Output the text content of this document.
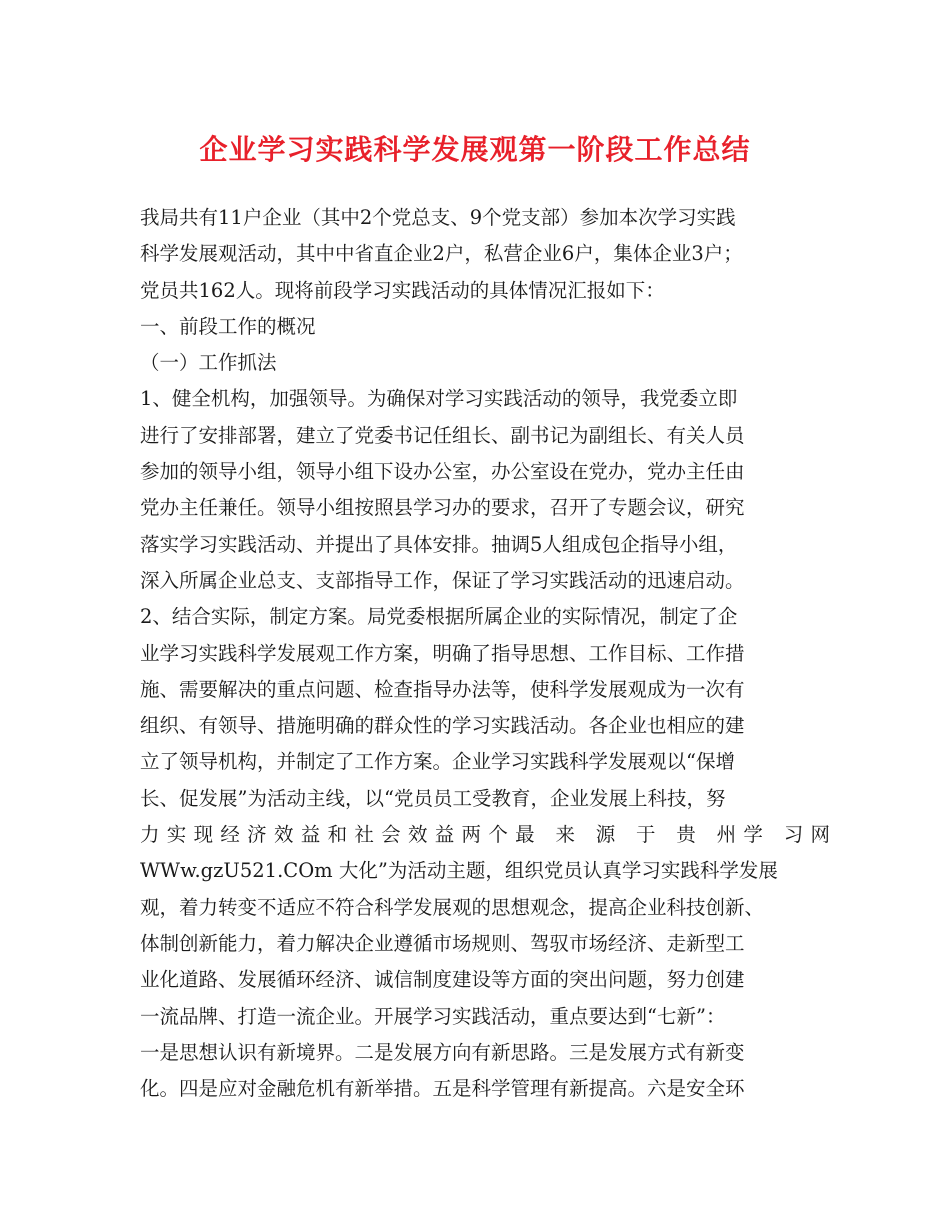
企业学习实践科学发展观第一阶段工作总结
我局共有11户企业（其中2个党总支、9个党支部）参加本次学习实践
科学发展观活动，其中中省直企业2户，私营企业6户，集体企业3户；
党员共162人。现将前段学习实践活动的具体情况汇报如下：
一、前段工作的概况
（一）工作抓法
1、健全机构，加强领导。为确保对学习实践活动的领导，我党委立即
进行了安排部署，建立了党委书记任组长、副书记为副组长、有关人员
参加的领导小组，领导小组下设办公室，办公室设在党办，党办主任由
党办主任兼任。领导小组按照县学习办的要求，召开了专题会议，研究
落实学习实践活动、并提出了具体安排。抽调5人组成包企指导小组，
深入所属企业总支、支部指导工作，保证了学习实践活动的迅速启动。
2、结合实际，制定方案。局党委根据所属企业的实际情况，制定了企
业学习实践科学发展观工作方案，明确了指导思想、工作目标、工作措
施、需要解决的重点问题、检查指导办法等，使科学发展观成为一次有
组织、有领导、措施明确的群众性的学习实践活动。各企业也相应的建
立了领导机构，并制定了工作方案。企业学习实践科学发展观以“保增
长、促发展”为活动主线，以“党员员工受教育，企业发展上科技，努
力实现经济效益和社会效益两个最 来 源 于 贵 州学 习网
WWw.gzU521.COm 大化”为活动主题，组织党员认真学习实践科学发展
观，着力转变不适应不符合科学发展观的思想观念，提高企业科技创新、
体制创新能力，着力解决企业遵循市场规则、驾驭市场经济、走新型工
业化道路、发展循环经济、诚信制度建设等方面的突出问题，努力创建
一流品牌、打造一流企业。开展学习实践活动，重点要达到“七新”：
一是思想认识有新境界。二是发展方向有新思路。三是发展方式有新变
化。四是应对金融危机有新举措。五是科学管理有新提高。六是安全环
